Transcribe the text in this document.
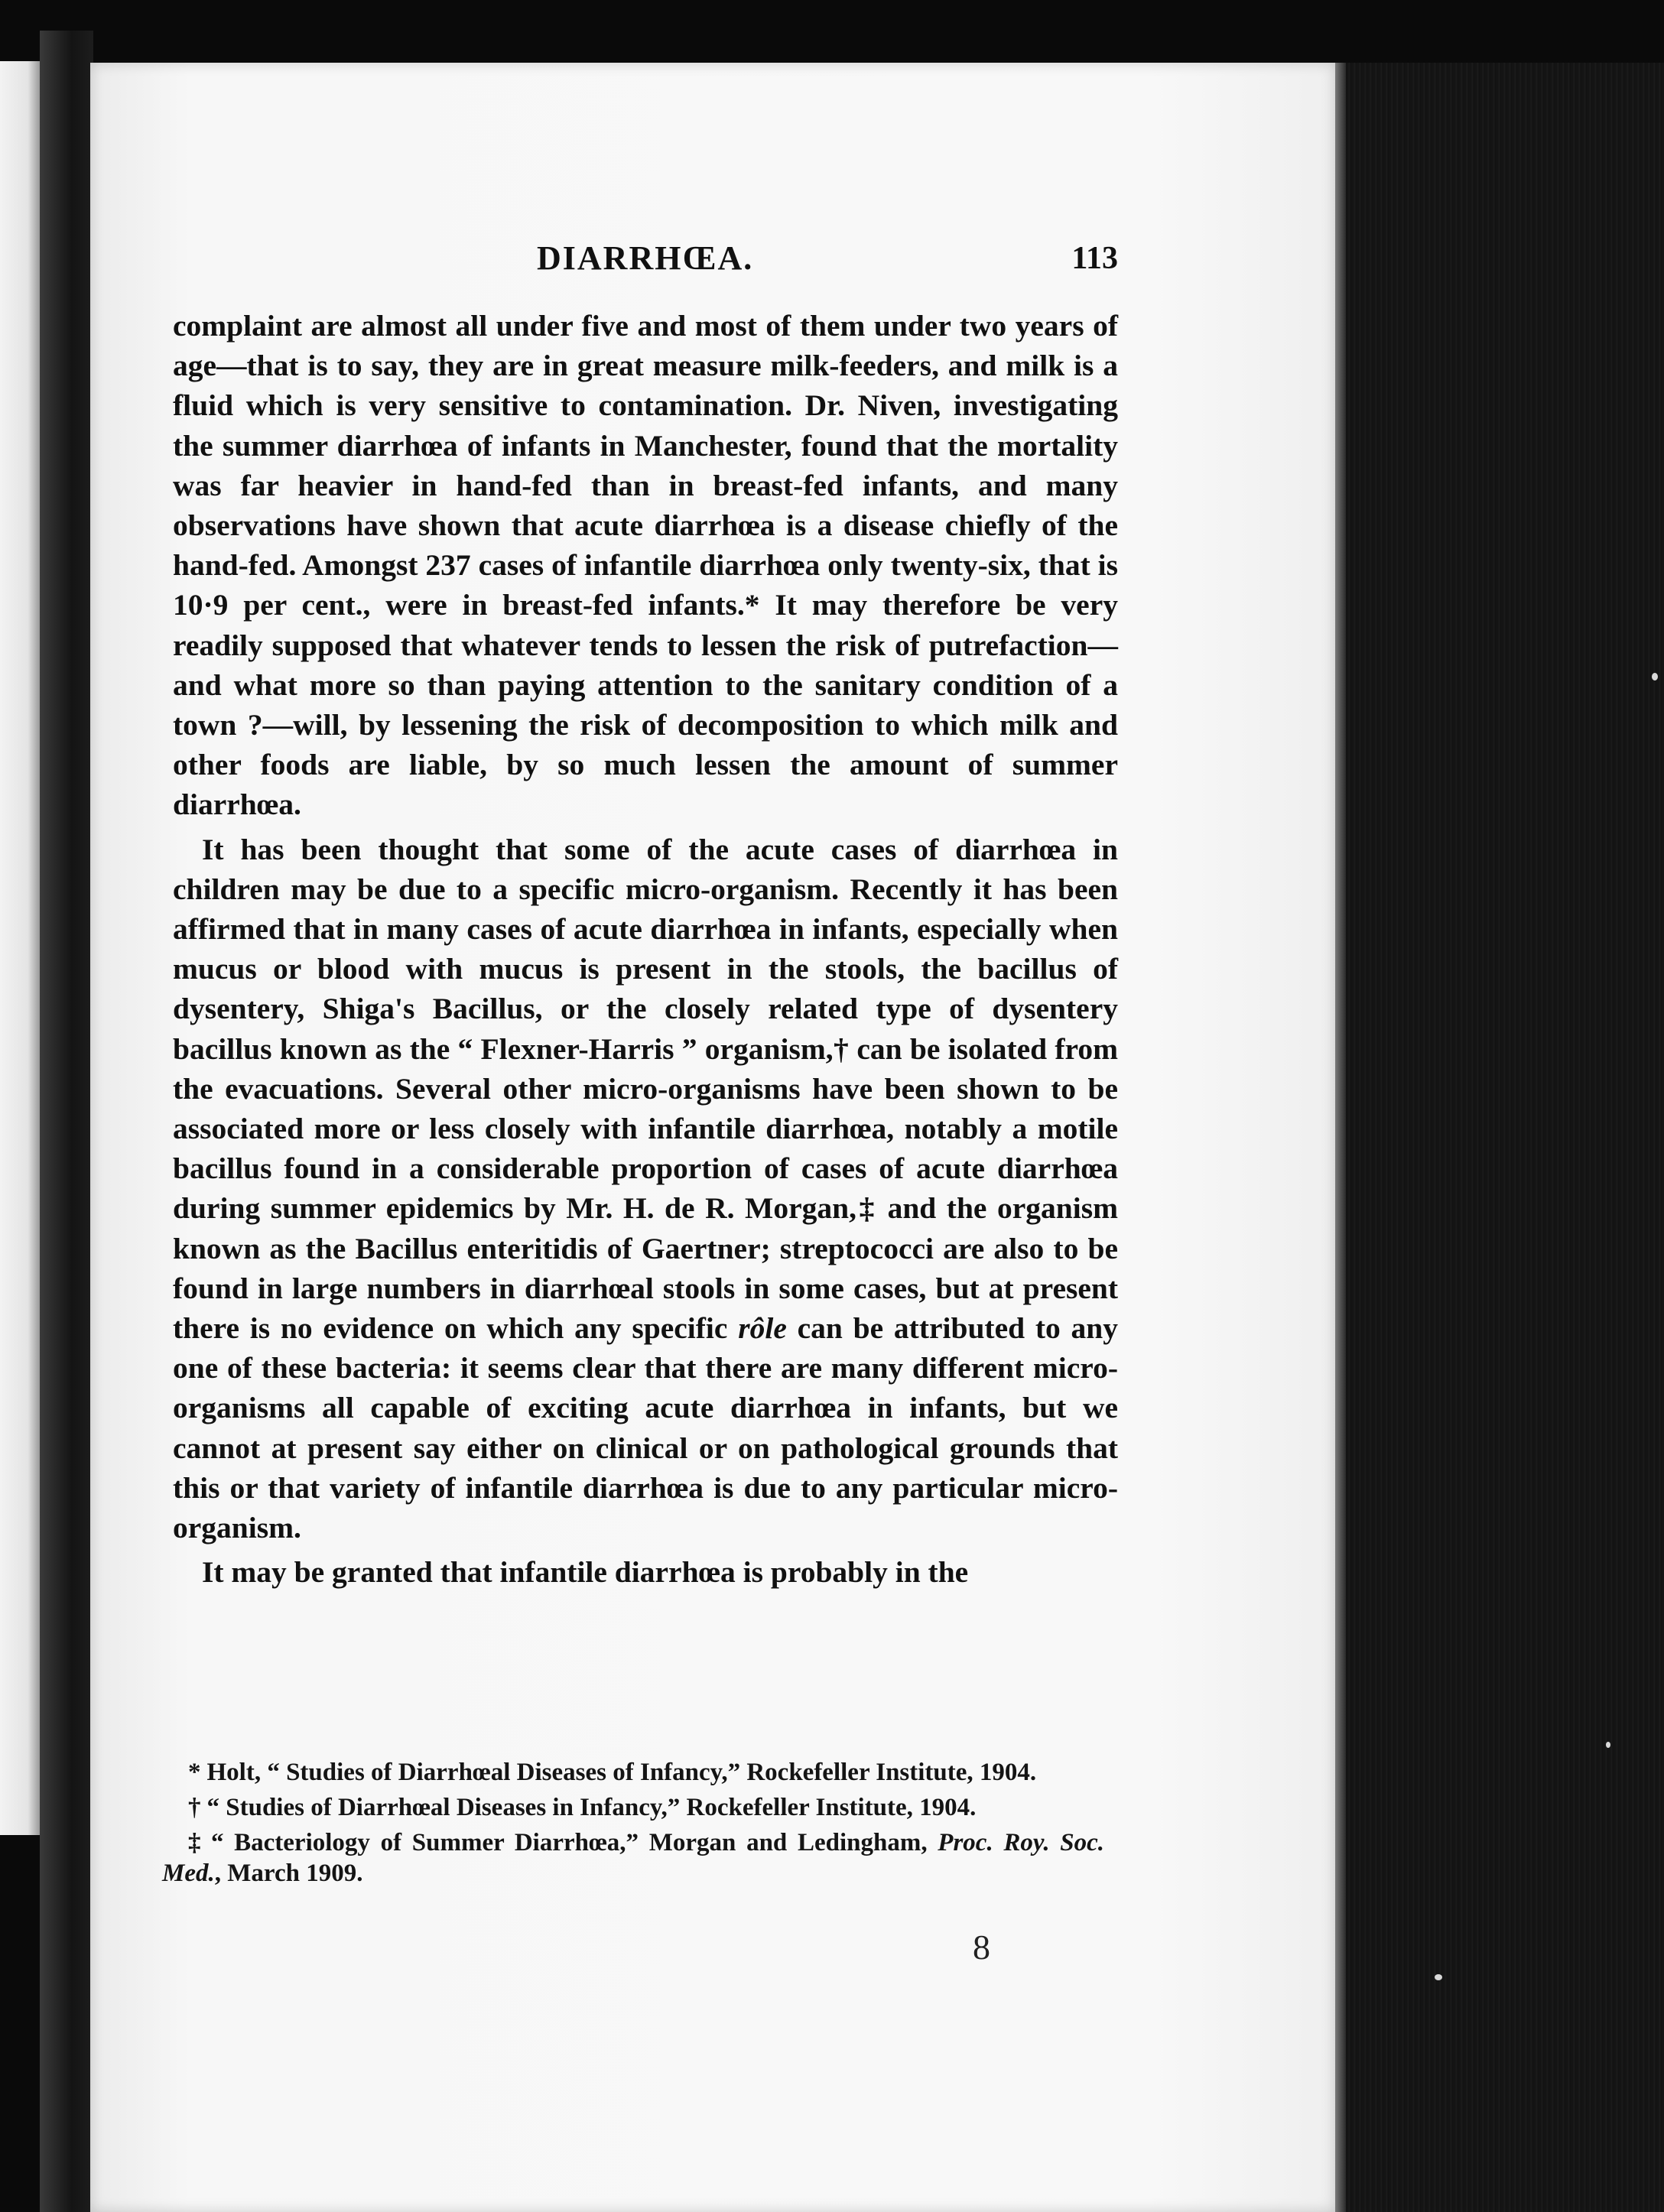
DIARRHŒA.	113

complaint are almost all under five and most of them under two years of age—that is to say, they are in great measure milk-feeders, and milk is a fluid which is very sensitive to contamination. Dr. Niven, investigating the summer diarrhœa of infants in Manchester, found that the mortality was far heavier in hand-fed than in breast-fed infants, and many observations have shown that acute diarrhœa is a disease chiefly of the hand-fed. Amongst 237 cases of infantile diarrhœa only twenty-six, that is 10·9 per cent., were in breast-fed infants.* It may therefore be very readily supposed that whatever tends to lessen the risk of putrefaction—and what more so than paying attention to the sanitary condition of a town ?—will, by lessening the risk of decomposition to which milk and other foods are liable, by so much lessen the amount of summer diarrhœa.

It has been thought that some of the acute cases of diarrhœa in children may be due to a specific micro-organism. Recently it has been affirmed that in many cases of acute diarrhœa in infants, especially when mucus or blood with mucus is present in the stools, the bacillus of dysentery, Shiga's Bacillus, or the closely related type of dysentery bacillus known as the “ Flexner-Harris ” organism,† can be isolated from the evacuations. Several other micro-organisms have been shown to be associated more or less closely with infantile diarrhœa, notably a motile bacillus found in a considerable proportion of cases of acute diarrhœa during summer epidemics by Mr. H. de R. Morgan,‡ and the organism known as the Bacillus enteritidis of Gaertner; streptococci are also to be found in large numbers in diarrhœal stools in some cases, but at present there is no evidence on which any specific rôle can be attributed to any one of these bacteria: it seems clear that there are many different micro-organisms all capable of exciting acute diarrhœa in infants, but we cannot at present say either on clinical or on pathological grounds that this or that variety of infantile diarrhœa is due to any particular micro-organism.

It may be granted that infantile diarrhœa is probably in the

* Holt, “ Studies of Diarrhœal Diseases of Infancy,” Rockefeller Institute, 1904.

† “ Studies of Diarrhœal Diseases in Infancy,” Rockefeller Institute, 1904.

‡ “ Bacteriology of Summer Diarrhœa,” Morgan and Ledingham, Proc. Roy. Soc. Med., March 1909.

8
